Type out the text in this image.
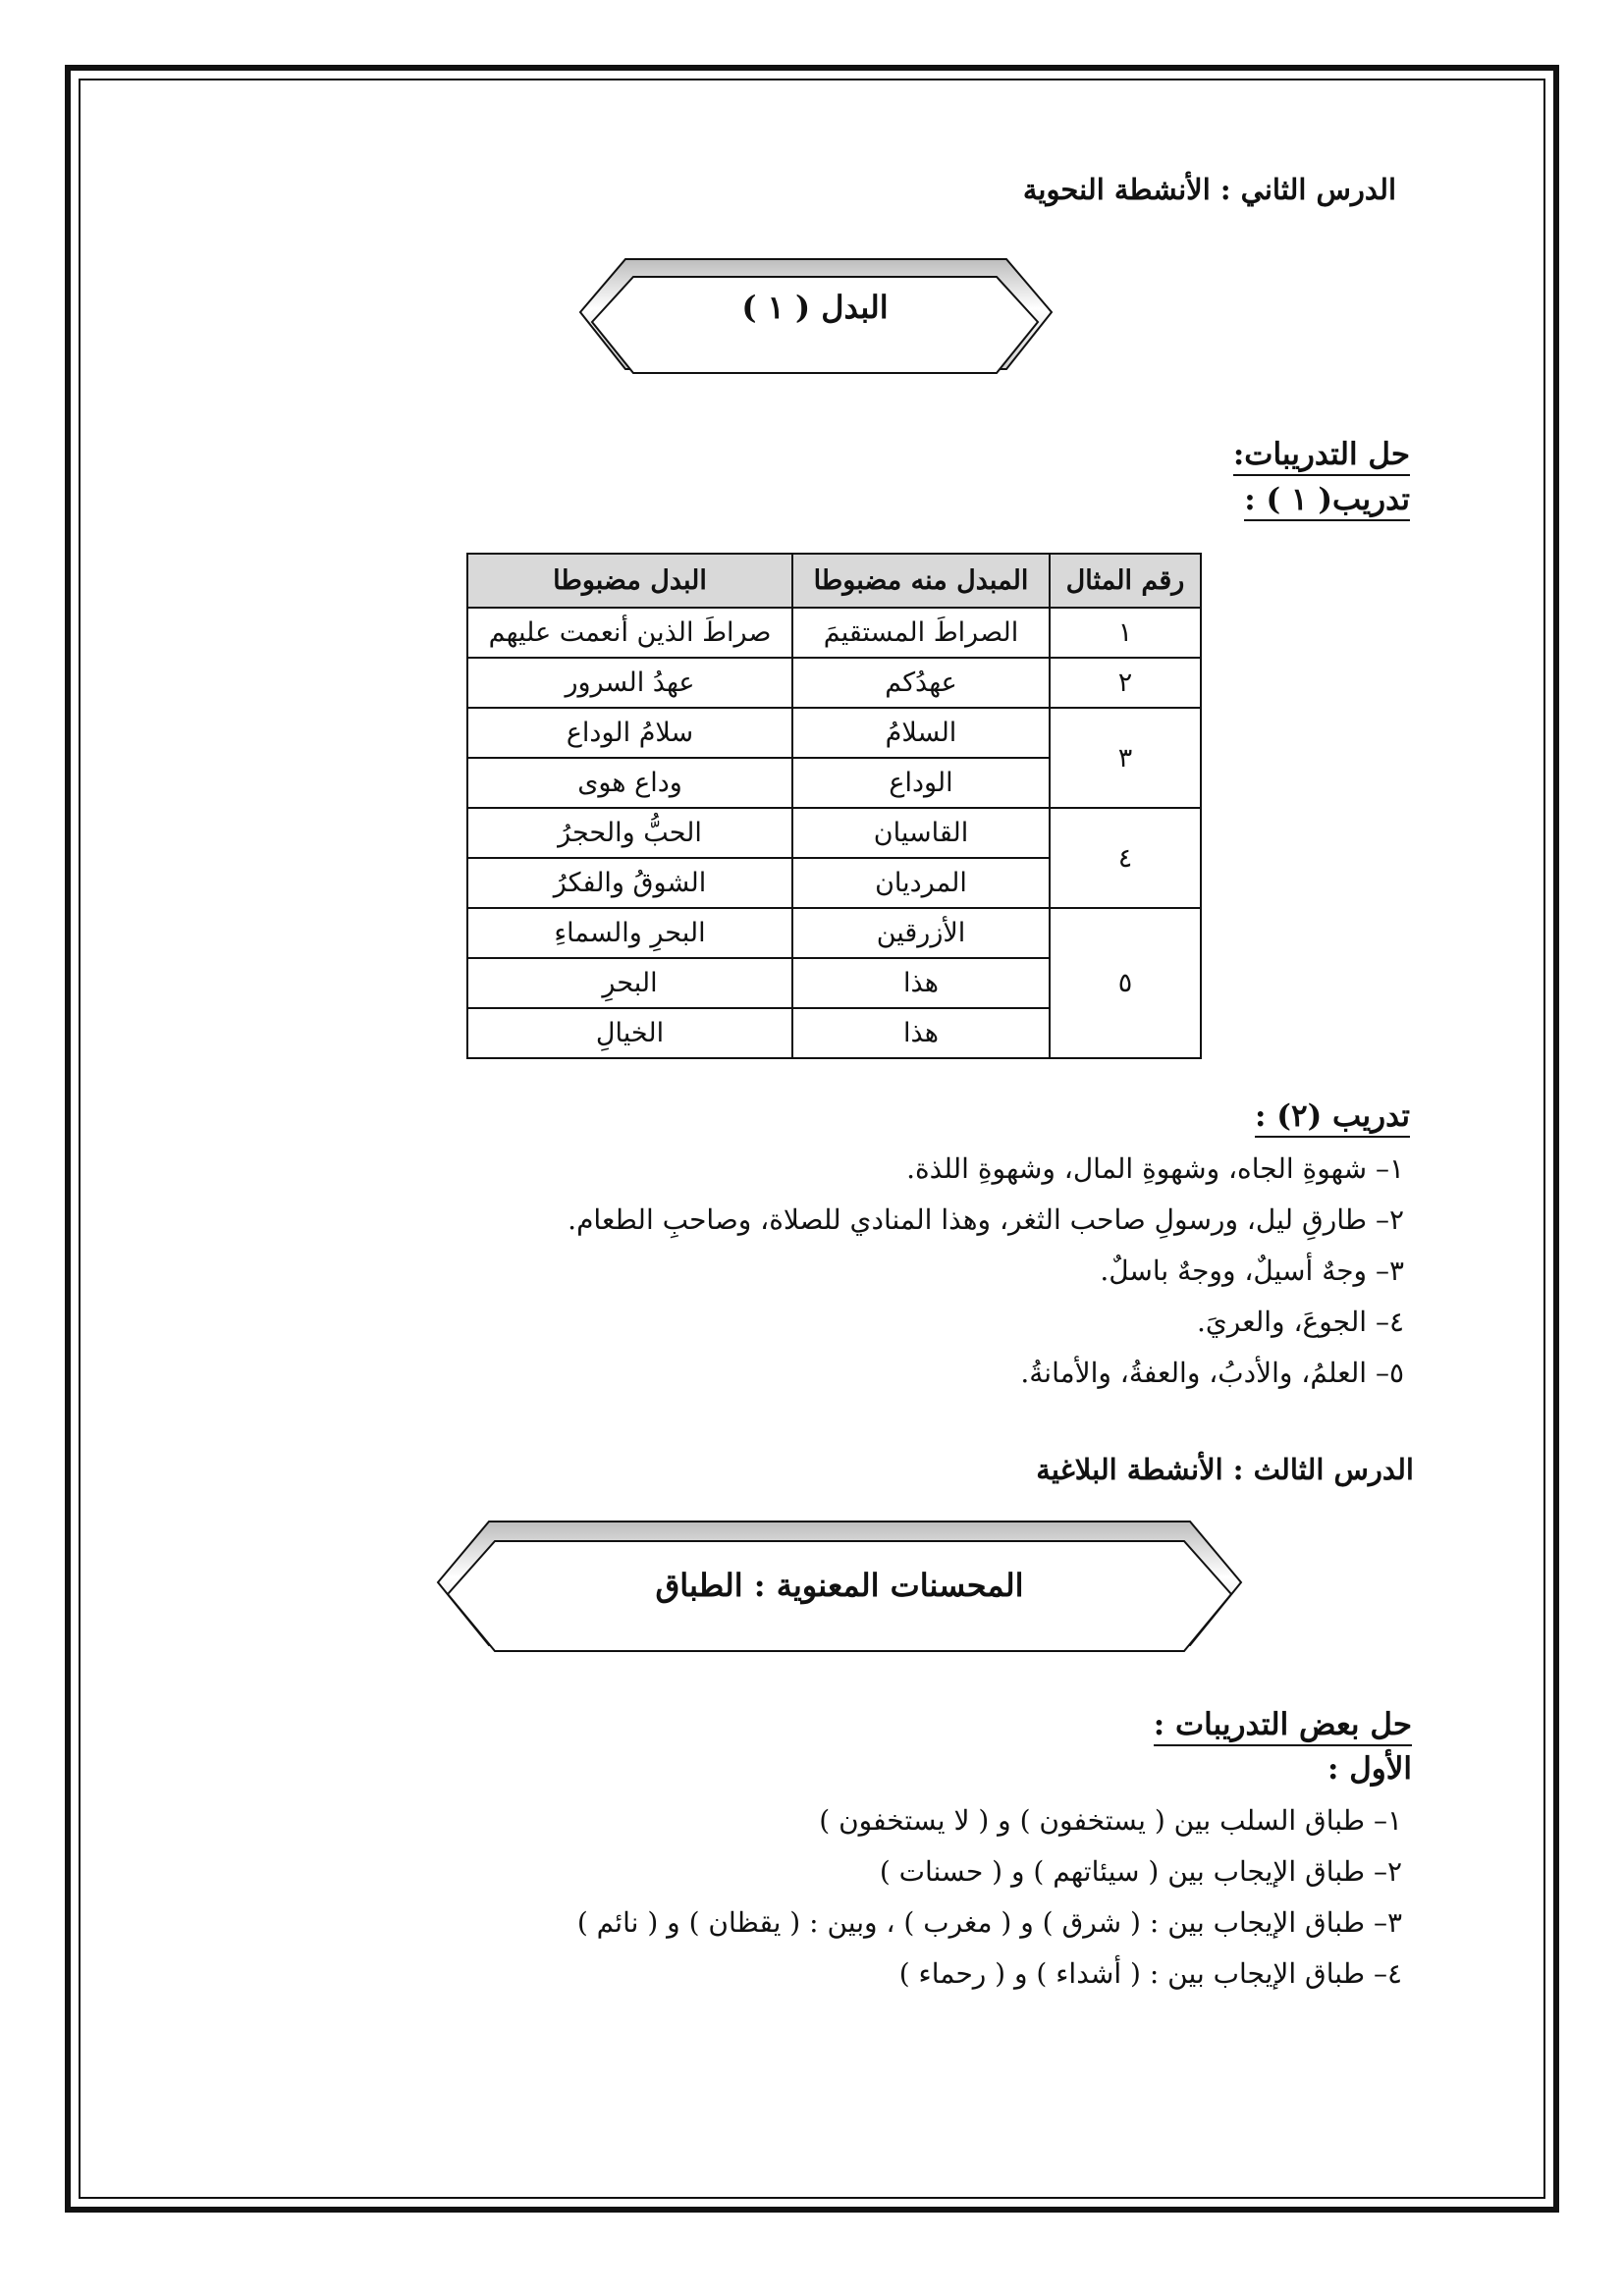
الدرس الثاني : الأنشطة النحوية
البدل ( ١ )
حل التدريبات:
تدريب( ١ ) :
رقم المثال	المبدل منه مضبوطا	البدل مضبوطا
١	الصراطَ المستقيمَ	صراطَ الذين أنعمت عليهم
٢	عهدُكم	عهدُ السرور
٣	السلامُ	سلامُ الوداع
	الوداع	وداع هوى
٤	القاسيان	الحبُّ والحجرُ
	المرديان	الشوقُ والفكرُ
٥	الأزرقين	البحرِ والسماءِ
	هذا	البحرِ
	هذا	الخيالِ
تدريب (٢) :
١– شهوةِ الجاه، وشهوةِ المال، وشهوةِ اللذة.
٢– طارقِ ليل، ورسولِ صاحب الثغر، وهذا المنادي للصلاة، وصاحبِ الطعام.
٣– وجهٌ أسيلٌ، ووجهٌ باسلٌ.
٤– الجوعَ، والعريَ.
٥– العلمُ، والأدبُ، والعفةُ، والأمانةُ.
الدرس الثالث : الأنشطة البلاغية
المحسنات المعنوية : الطباق
حل بعض التدريبات :
الأول :
١– طباق السلب بين ( يستخفون ) و ( لا يستخفون )
٢– طباق الإيجاب بين ( سيئاتهم ) و ( حسنات )
٣– طباق الإيجاب بين : ( شرق ) و ( مغرب ) ، وبين : ( يقظان ) و ( نائم )
٤– طباق الإيجاب بين : ( أشداء ) و ( رحماء )
